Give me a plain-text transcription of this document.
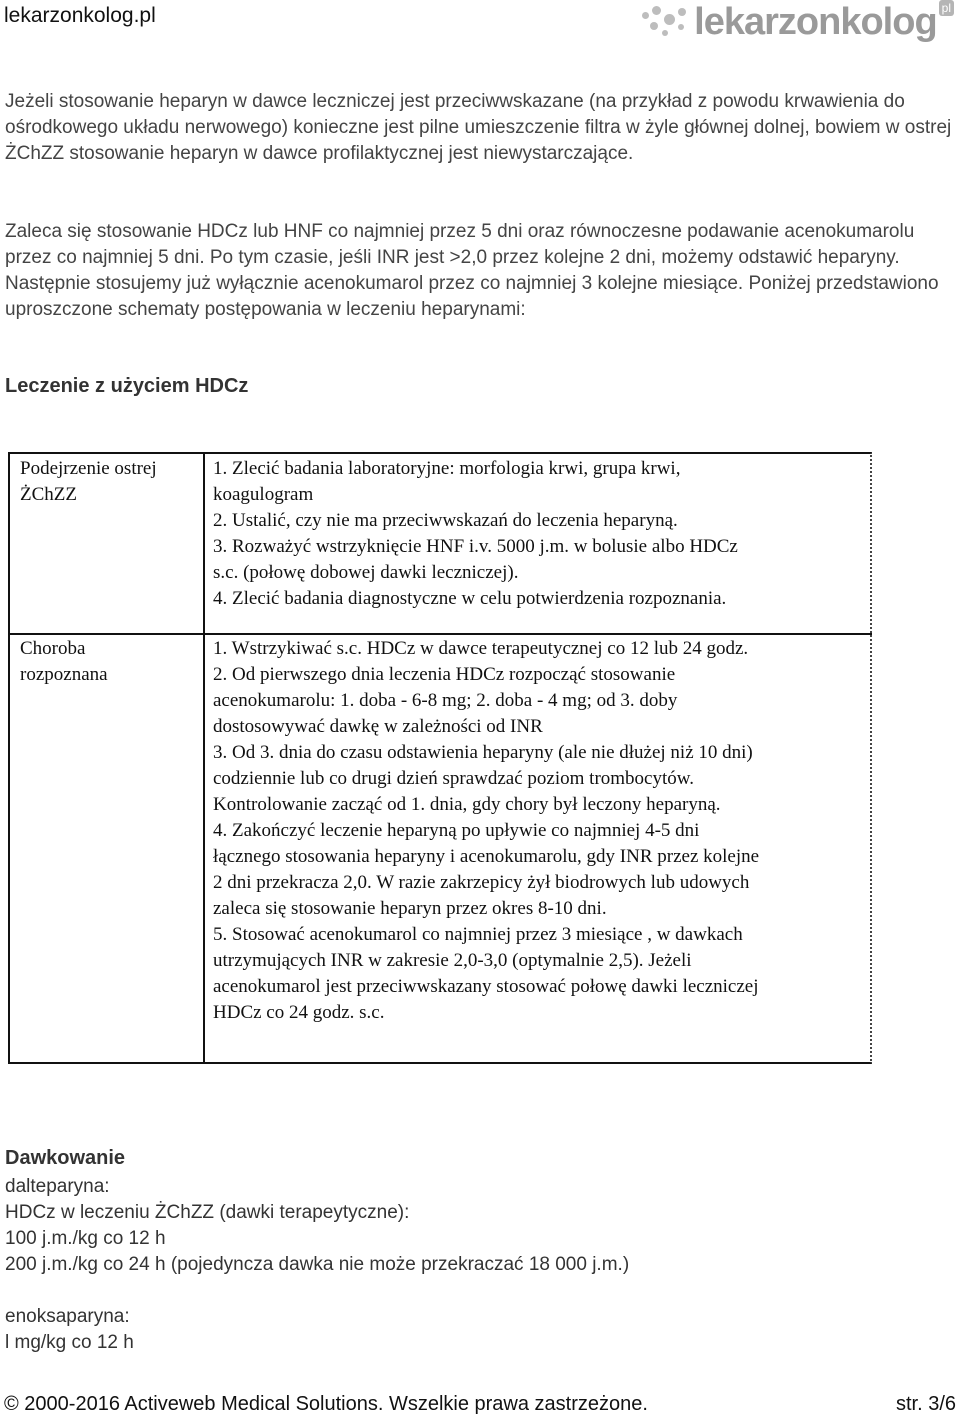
lekarzonkolog.pl	lekarzonkolog pl
Jeżeli stosowanie heparyn w dawce leczniczej jest przeciwwskazane (na przykład z powodu krwawienia do ośrodkowego układu nerwowego) konieczne jest pilne umieszczenie filtra w żyle głównej dolnej, bowiem w ostrej ŻChZZ stosowanie heparyn w dawce profilaktycznej jest niewystarczające.
Zaleca się stosowanie HDCz lub HNF co najmniej przez 5 dni oraz równoczesne podawanie acenokumarolu przez co najmniej 5 dni. Po tym czasie, jeśli INR jest >2,0 przez kolejne 2 dni, możemy odstawić heparyny. Następnie stosujemy już wyłącznie acenokumarol przez co najmniej 3 kolejne miesiące. Poniżej przedstawiono uproszczone schematy postępowania w leczeniu heparynami:
Leczenie z użyciem HDCz
Podejrzenie ostrej
ŻChZZ
1. Zlecić badania laboratoryjne: morfologia krwi, grupa krwi,
koagulogram
2. Ustalić, czy nie ma przeciwwskazań do leczenia heparyną.
3. Rozważyć wstrzyknięcie HNF i.v. 5000 j.m. w bolusie albo HDCz
s.c. (połowę dobowej dawki leczniczej).
4. Zlecić badania diagnostyczne w celu potwierdzenia rozpoznania.
Choroba
rozpoznana
1. Wstrzykiwać s.c. HDCz w dawce terapeutycznej co 12 lub 24 godz.
2. Od pierwszego dnia leczenia HDCz rozpocząć stosowanie
acenokumarolu: 1. doba - 6-8 mg; 2. doba - 4 mg; od 3. doby
dostosowywać dawkę w zależności od INR
3. Od 3. dnia do czasu odstawienia heparyny (ale nie dłużej niż 10 dni)
codziennie lub co drugi dzień sprawdzać poziom trombocytów.
Kontrolowanie zacząć od 1. dnia, gdy chory był leczony heparyną.
4. Zakończyć leczenie heparyną po upływie co najmniej 4-5 dni
łącznego stosowania heparyny i acenokumarolu, gdy INR przez kolejne
2 dni przekracza 2,0. W razie zakrzepicy żył biodrowych lub udowych
zaleca się stosowanie heparyn przez okres 8-10 dni.
5. Stosować acenokumarol co najmniej przez 3 miesiące , w dawkach
utrzymujących INR w zakresie 2,0-3,0 (optymalnie 2,5). Jeżeli
acenokumarol jest przeciwwskazany stosować połowę dawki leczniczej
HDCz co 24 godz. s.c.
Dawkowanie
dalteparyna:
HDCz w leczeniu ŻChZZ (dawki terapeytyczne):
100 j.m./kg co 12 h
200 j.m./kg co 24 h (pojedyncza dawka nie może przekraczać 18 000 j.m.)
enoksaparyna:
l mg/kg co 12 h
© 2000-2016 Activeweb Medical Solutions. Wszelkie prawa zastrzeżone.	str. 3/6
